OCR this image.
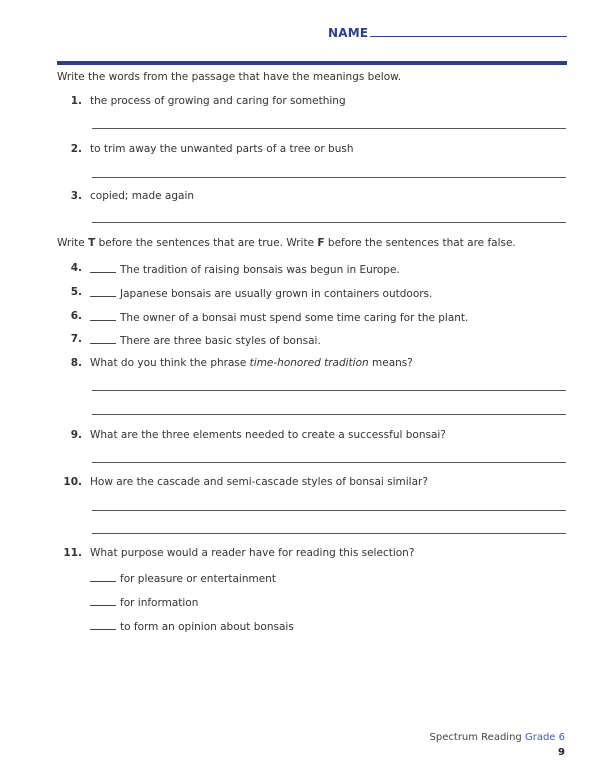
NAME
Write the words from the passage that have the meanings below.
1. the process of growing and caring for something
2. to trim away the unwanted parts of a tree or bush
3. copied; made again
Write T before the sentences that are true. Write F before the sentences that are false.
4.	The tradition of raising bonsais was begun in Europe.
5.	Japanese bonsais are usually grown in containers outdoors.
6.	The owner of a bonsai must spend some time caring for the plant.
7.	There are three basic styles of bonsai.
8. What do you think the phrase time-honored tradition means?
9. What are the three elements needed to create a successful bonsai?
10. How are the cascade and semi-cascade styles of bonsai similar?
11. What purpose would a reader have for reading this selection?
for pleasure or entertainment
for information
to form an opinion about bonsais
Spectrum Reading Grade 6
9
